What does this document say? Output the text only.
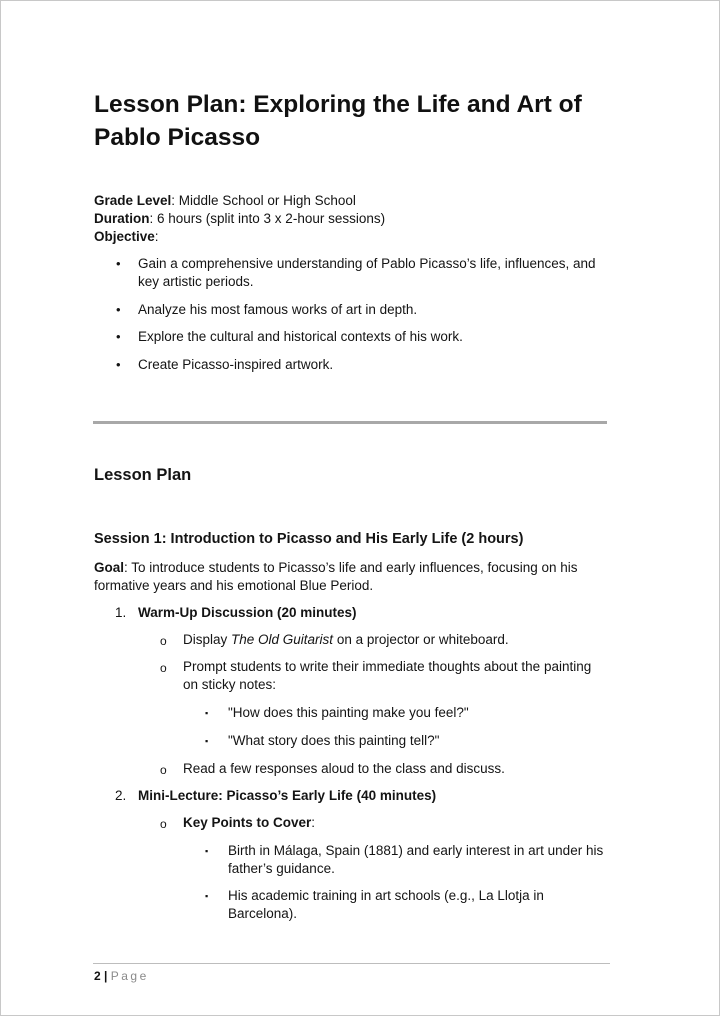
Lesson Plan: Exploring the Life and Art of Pablo Picasso
Grade Level: Middle School or High School
Duration: 6 hours (split into 3 x 2-hour sessions)
Objective:
• Gain a comprehensive understanding of Pablo Picasso’s life, influences, and key artistic periods.
• Analyze his most famous works of art in depth.
• Explore the cultural and historical contexts of his work.
• Create Picasso-inspired artwork.
Lesson Plan
Session 1: Introduction to Picasso and His Early Life (2 hours)
Goal: To introduce students to Picasso’s life and early influences, focusing on his formative years and his emotional Blue Period.
1. Warm-Up Discussion (20 minutes)
o Display The Old Guitarist on a projector or whiteboard.
o Prompt students to write their immediate thoughts about the painting on sticky notes:
▪ "How does this painting make you feel?"
▪ "What story does this painting tell?"
o Read a few responses aloud to the class and discuss.
2. Mini-Lecture: Picasso’s Early Life (40 minutes)
o Key Points to Cover:
▪ Birth in Málaga, Spain (1881) and early interest in art under his father’s guidance.
▪ His academic training in art schools (e.g., La Llotja in Barcelona).
2 | Page
